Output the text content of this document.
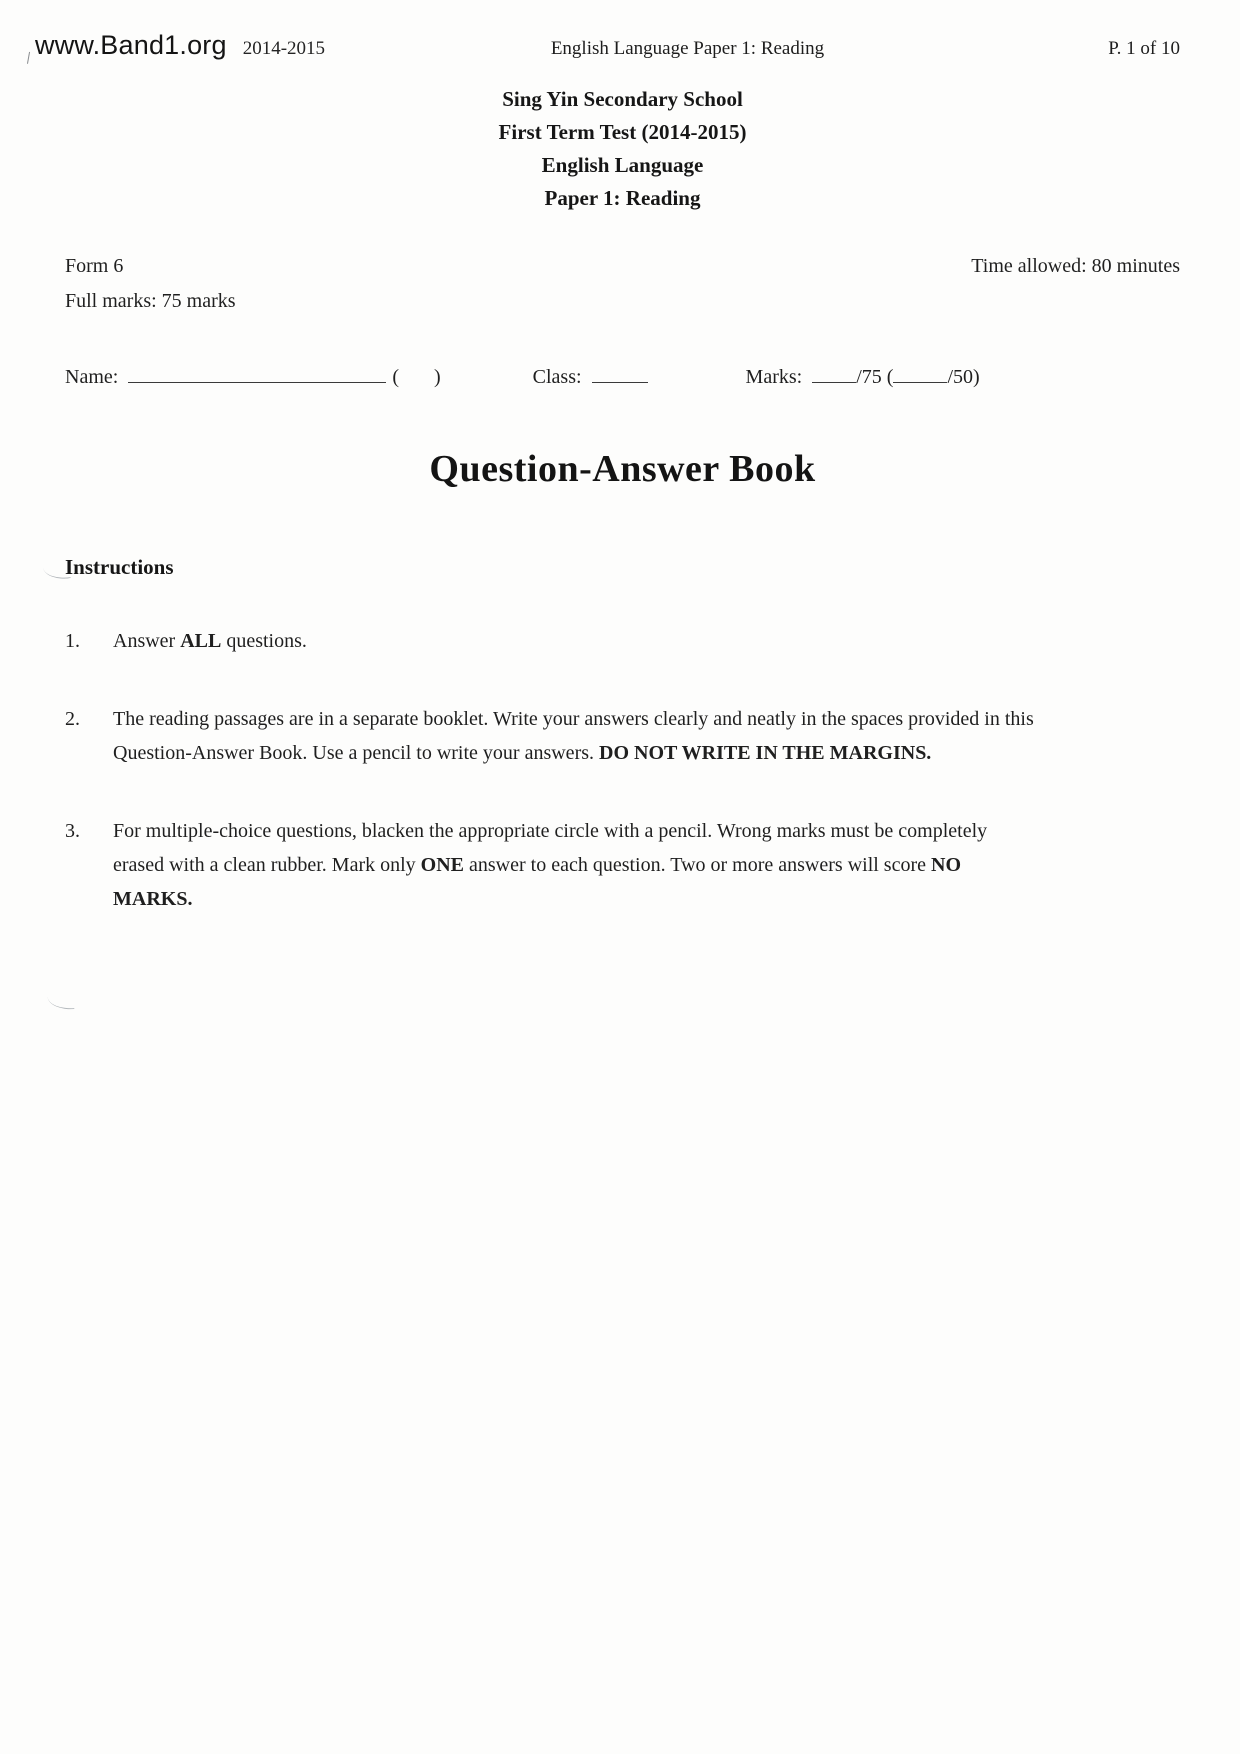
www.Band1.org 2014-2015	English Language Paper 1: Reading	P. 1 of 10
Sing Yin Secondary School
First Term Test (2014-2015)
English Language
Paper 1: Reading
Form 6	Time allowed: 80 minutes
Full marks: 75 marks
Name:	(       )	Class:	Marks:	/75 (	/50)
Question-Answer Book
Instructions
1.	Answer ALL questions.
2.	The reading passages are in a separate booklet. Write your answers clearly and neatly in the spaces provided in this Question-Answer Book. Use a pencil to write your answers. DO NOT WRITE IN THE MARGINS.
3.	For multiple-choice questions, blacken the appropriate circle with a pencil. Wrong marks must be completely erased with a clean rubber. Mark only ONE answer to each question. Two or more answers will score NO MARKS.
